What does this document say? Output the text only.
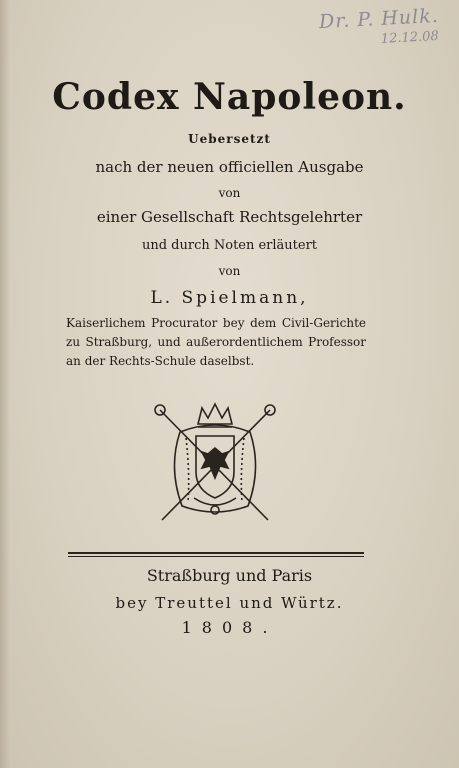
Dr. P. Hulk.
12.12.08
Codex Napoleon.
Uebersetzt
nach der neuen officiellen Ausgabe
von
einer Gesellschaft Rechtsgelehrter
und durch Noten erläutert
von
L. Spielmann,
Kaiserlichem Procurator bey dem Civil-Gerichte zu Straßburg, und außerordentlichem Professor an der Rechts-Schule daselbst.
Straßburg und Paris
bey Treuttel und Würtz.
1808.
